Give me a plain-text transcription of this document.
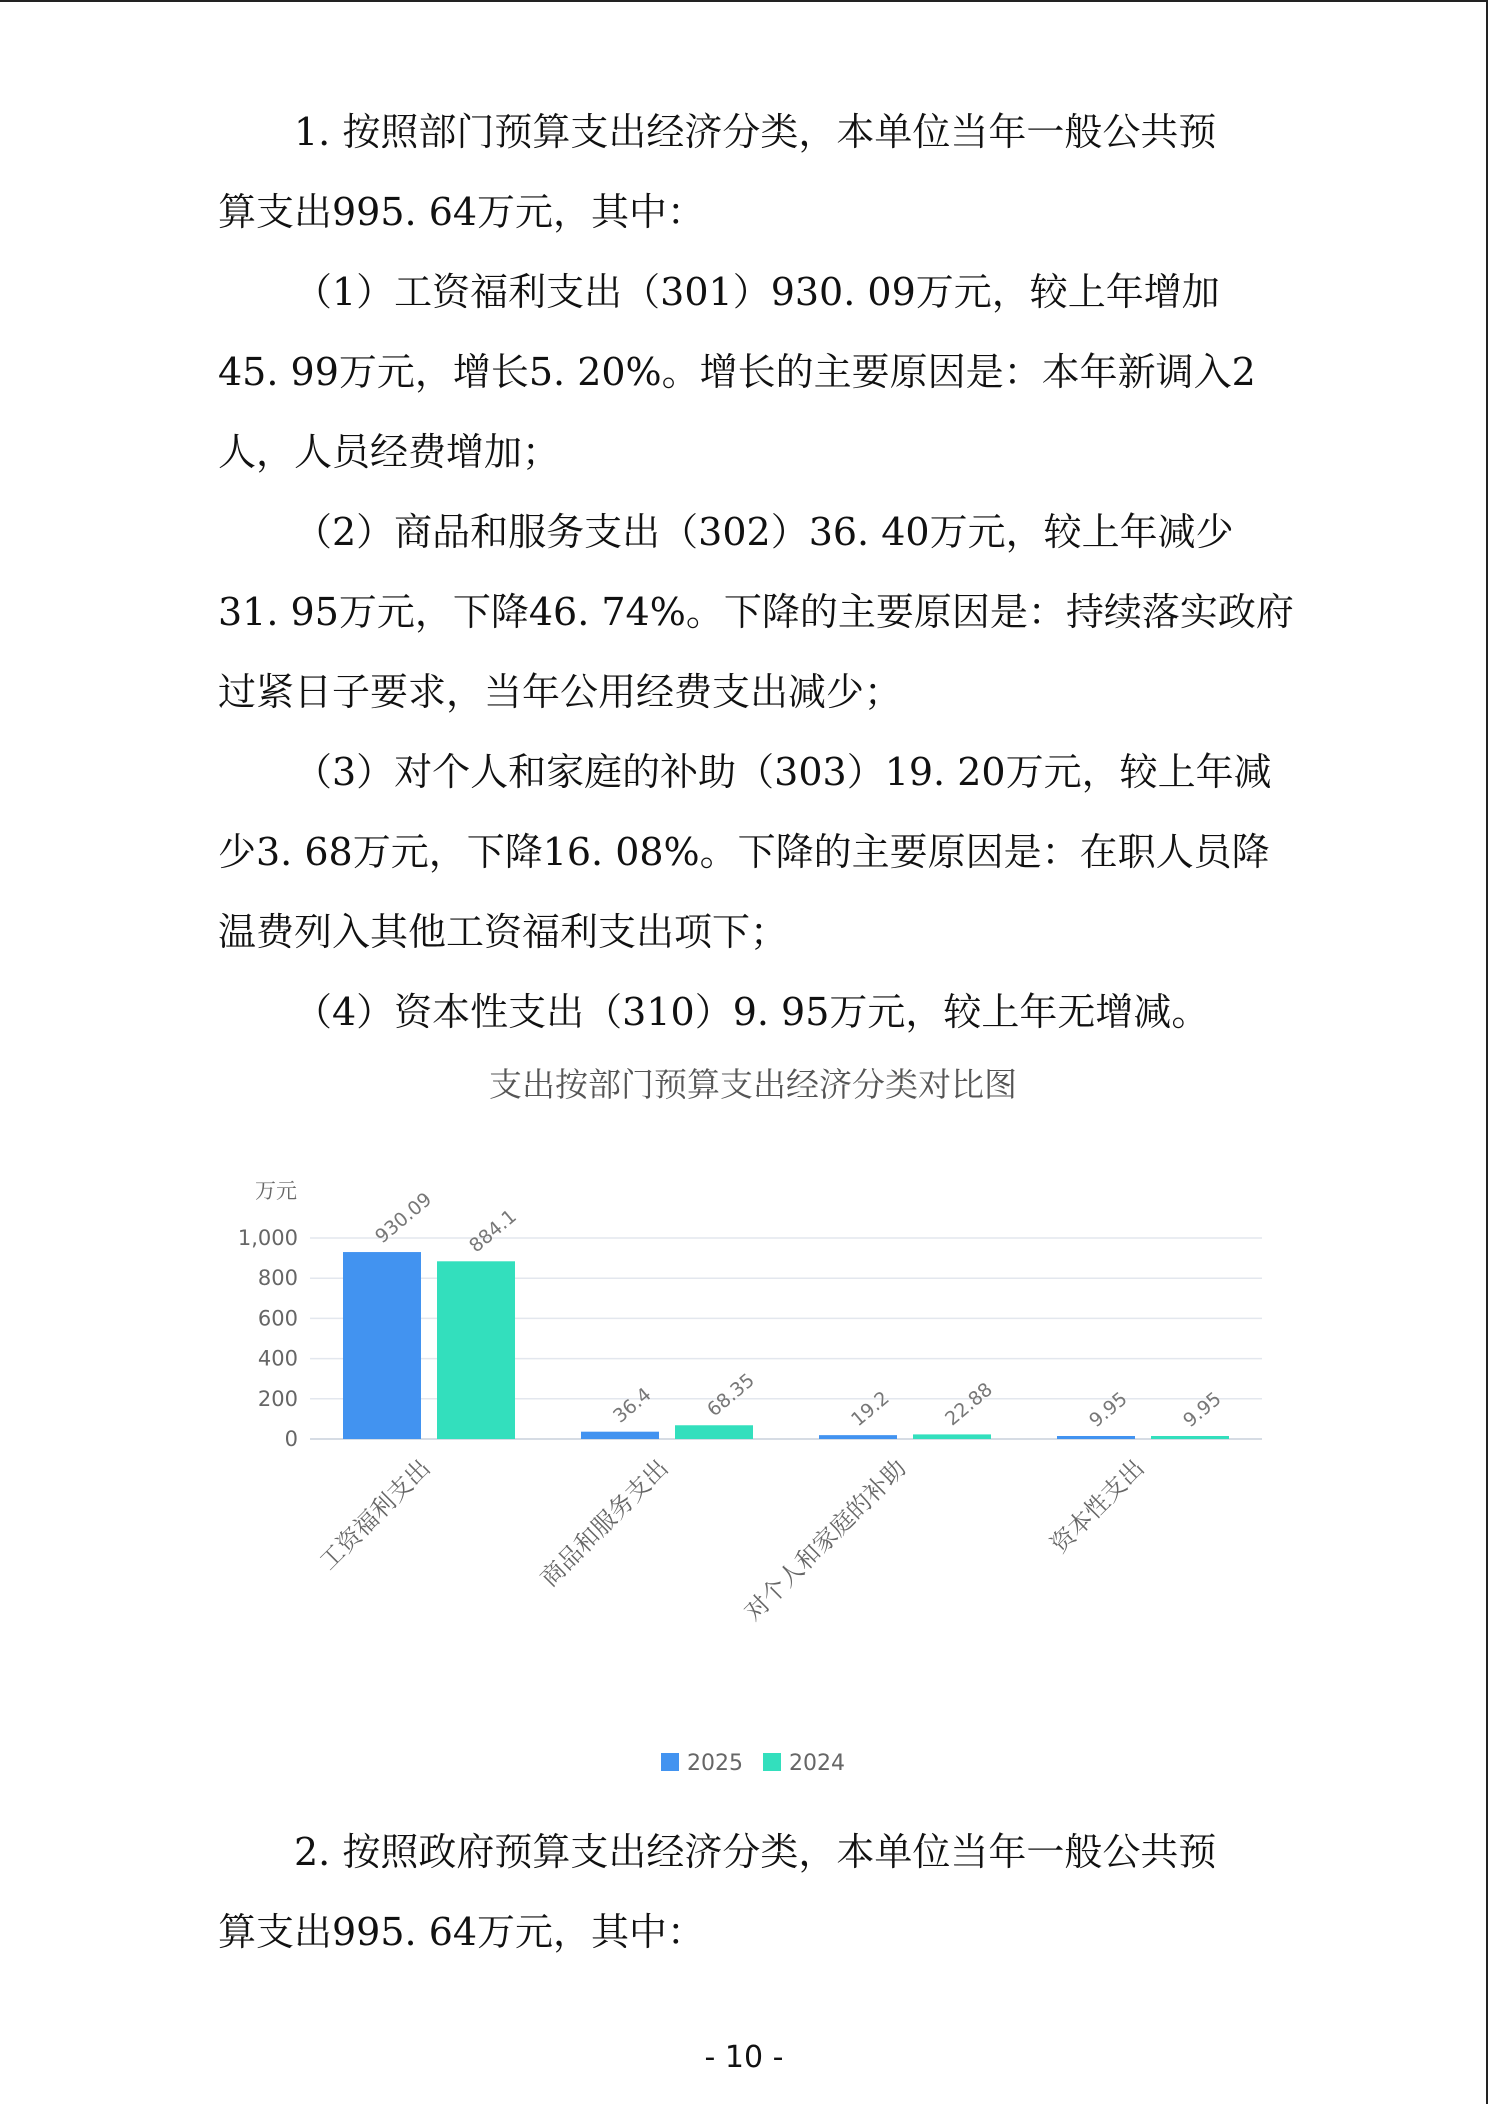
1. 按照部门预算支出经济分类，本单位当年一般公共预
算支出995. 64万元，其中：

（1）工资福利支出（301）930. 09万元，较上年增加
45. 99万元，增长5. 20%。增长的主要原因是：本年新调入2
人，人员经费增加；

（2）商品和服务支出（302）36. 40万元，较上年减少
31. 95万元，下降46. 74%。下降的主要原因是：持续落实政府
过紧日子要求，当年公用经费支出减少；

（3）对个人和家庭的补助（303）19. 20万元，较上年减
少3. 68万元，下降16. 08%。下降的主要原因是：在职人员降
温费列入其他工资福利支出项下；

（4）资本性支出（310）9. 95万元，较上年无增减。

支出按部门预算支出经济分类对比图
万元
0
200
400
600
800
1,000	930.09 884.1
工资福利支出
36.4 68.35
商品和服务支出
19.2 22.88
对个人和家庭的补助
9.95 9.95
资本性支出
2025 2024

2. 按照政府预算支出经济分类，本单位当年一般公共预
算支出995. 64万元，其中：

- 10 -
